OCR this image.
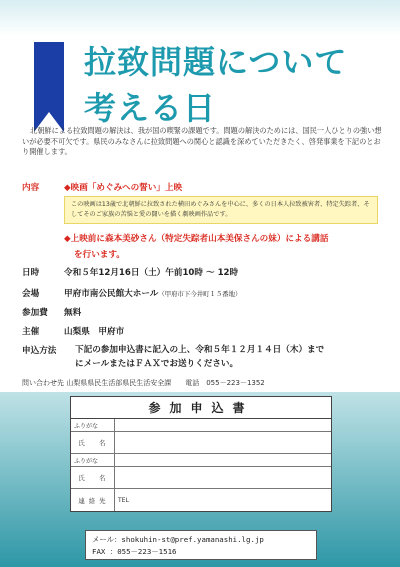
拉致問題について
考える日

北朝鮮による拉致問題の解決は、我が国の喫緊の課題です。問題の解決のためには、国民一人ひとりの強い想いが必要不可欠です。県民のみなさんに拉致問題への関心と認識を深めていただきたく、啓発事業を下記のとおり開催します。

内容	◆映画「めぐみへの誓い」上映
この映画は13歳で北朝鮮に拉致された横田めぐみさんを中心に、多くの日本人拉致被害者、特定失踪者、そしてそのご家族の苦悩と愛の闘いを描く劇映画作品です。
◆上映前に森本美砂さん（特定失踪者山本美保さんの妹）による講話
を行います。
日時	令和５年12月16日（土）午前10時 ～ 12時
会場	甲府市南公民館大ホール（甲府市下今井町１５番地）
参加費 無料
主催	山梨県　甲府市
申込方法 下記の参加申込書に記入の上、令和５年１２月１４日（木）まで
にメールまたはＦＡＸでお送りください。
問い合わせ先 山梨県県民生活部県民生活安全課　　電話　055－223－1352
参加申込書
ふりがな
氏　名
ふりがな
氏　名
連絡先	TEL
メール：shokuhin-st@pref.yamanashi.lg.jp
FAX ：055－223－1516
